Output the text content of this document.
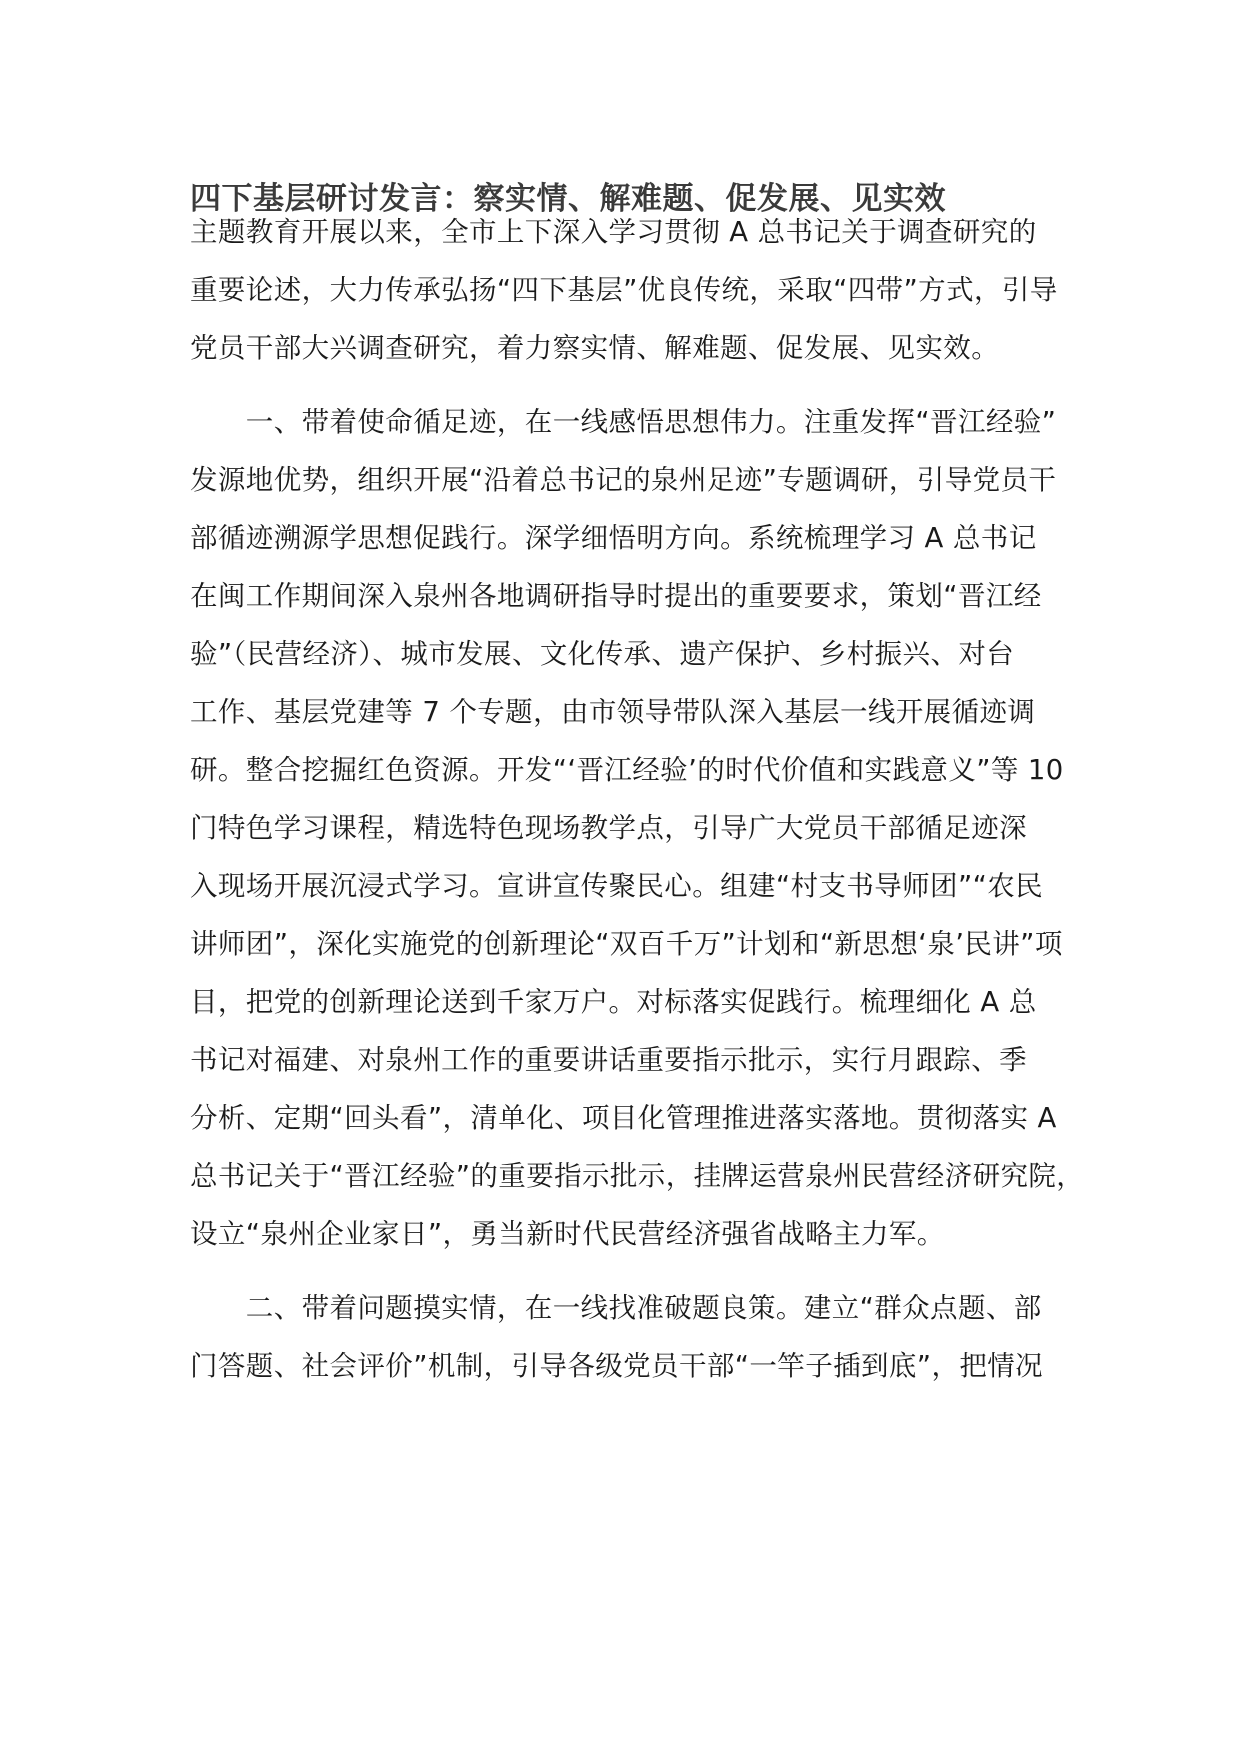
四下基层研讨发言：察实情、解难题、促发展、见实效

主题教育开展以来，全市上下深入学习贯彻 A 总书记关于调查研究的

重要论述，大力传承弘扬“四下基层”优良传统，采取“四带”方式，引导

党员干部大兴调查研究，着力察实情、解难题、促发展、见实效。

　　一、带着使命循足迹，在一线感悟思想伟力。注重发挥“晋江经验”

发源地优势，组织开展“沿着总书记的泉州足迹”专题调研，引导党员干

部循迹溯源学思想促践行。深学细悟明方向。系统梳理学习 A 总书记

在闽工作期间深入泉州各地调研指导时提出的重要要求，策划“晋江经

验”（民营经济）、城市发展、文化传承、遗产保护、乡村振兴、对台

工作、基层党建等 7 个专题，由市领导带队深入基层一线开展循迹调

研。整合挖掘红色资源。开发“‘晋江经验’的时代价值和实践意义”等 10

门特色学习课程，精选特色现场教学点，引导广大党员干部循足迹深

入现场开展沉浸式学习。宣讲宣传聚民心。组建“村支书导师团”“农民

讲师团”，深化实施党的创新理论“双百千万”计划和“新思想‘泉’民讲”项

目，把党的创新理论送到千家万户。对标落实促践行。梳理细化 A 总

书记对福建、对泉州工作的重要讲话重要指示批示，实行月跟踪、季

分析、定期“回头看”，清单化、项目化管理推进落实落地。贯彻落实 A

总书记关于“晋江经验”的重要指示批示，挂牌运营泉州民营经济研究院，

设立“泉州企业家日”，勇当新时代民营经济强省战略主力军。

　　二、带着问题摸实情，在一线找准破题良策。建立“群众点题、部

门答题、社会评价”机制，引导各级党员干部“一竿子插到底”，把情况
